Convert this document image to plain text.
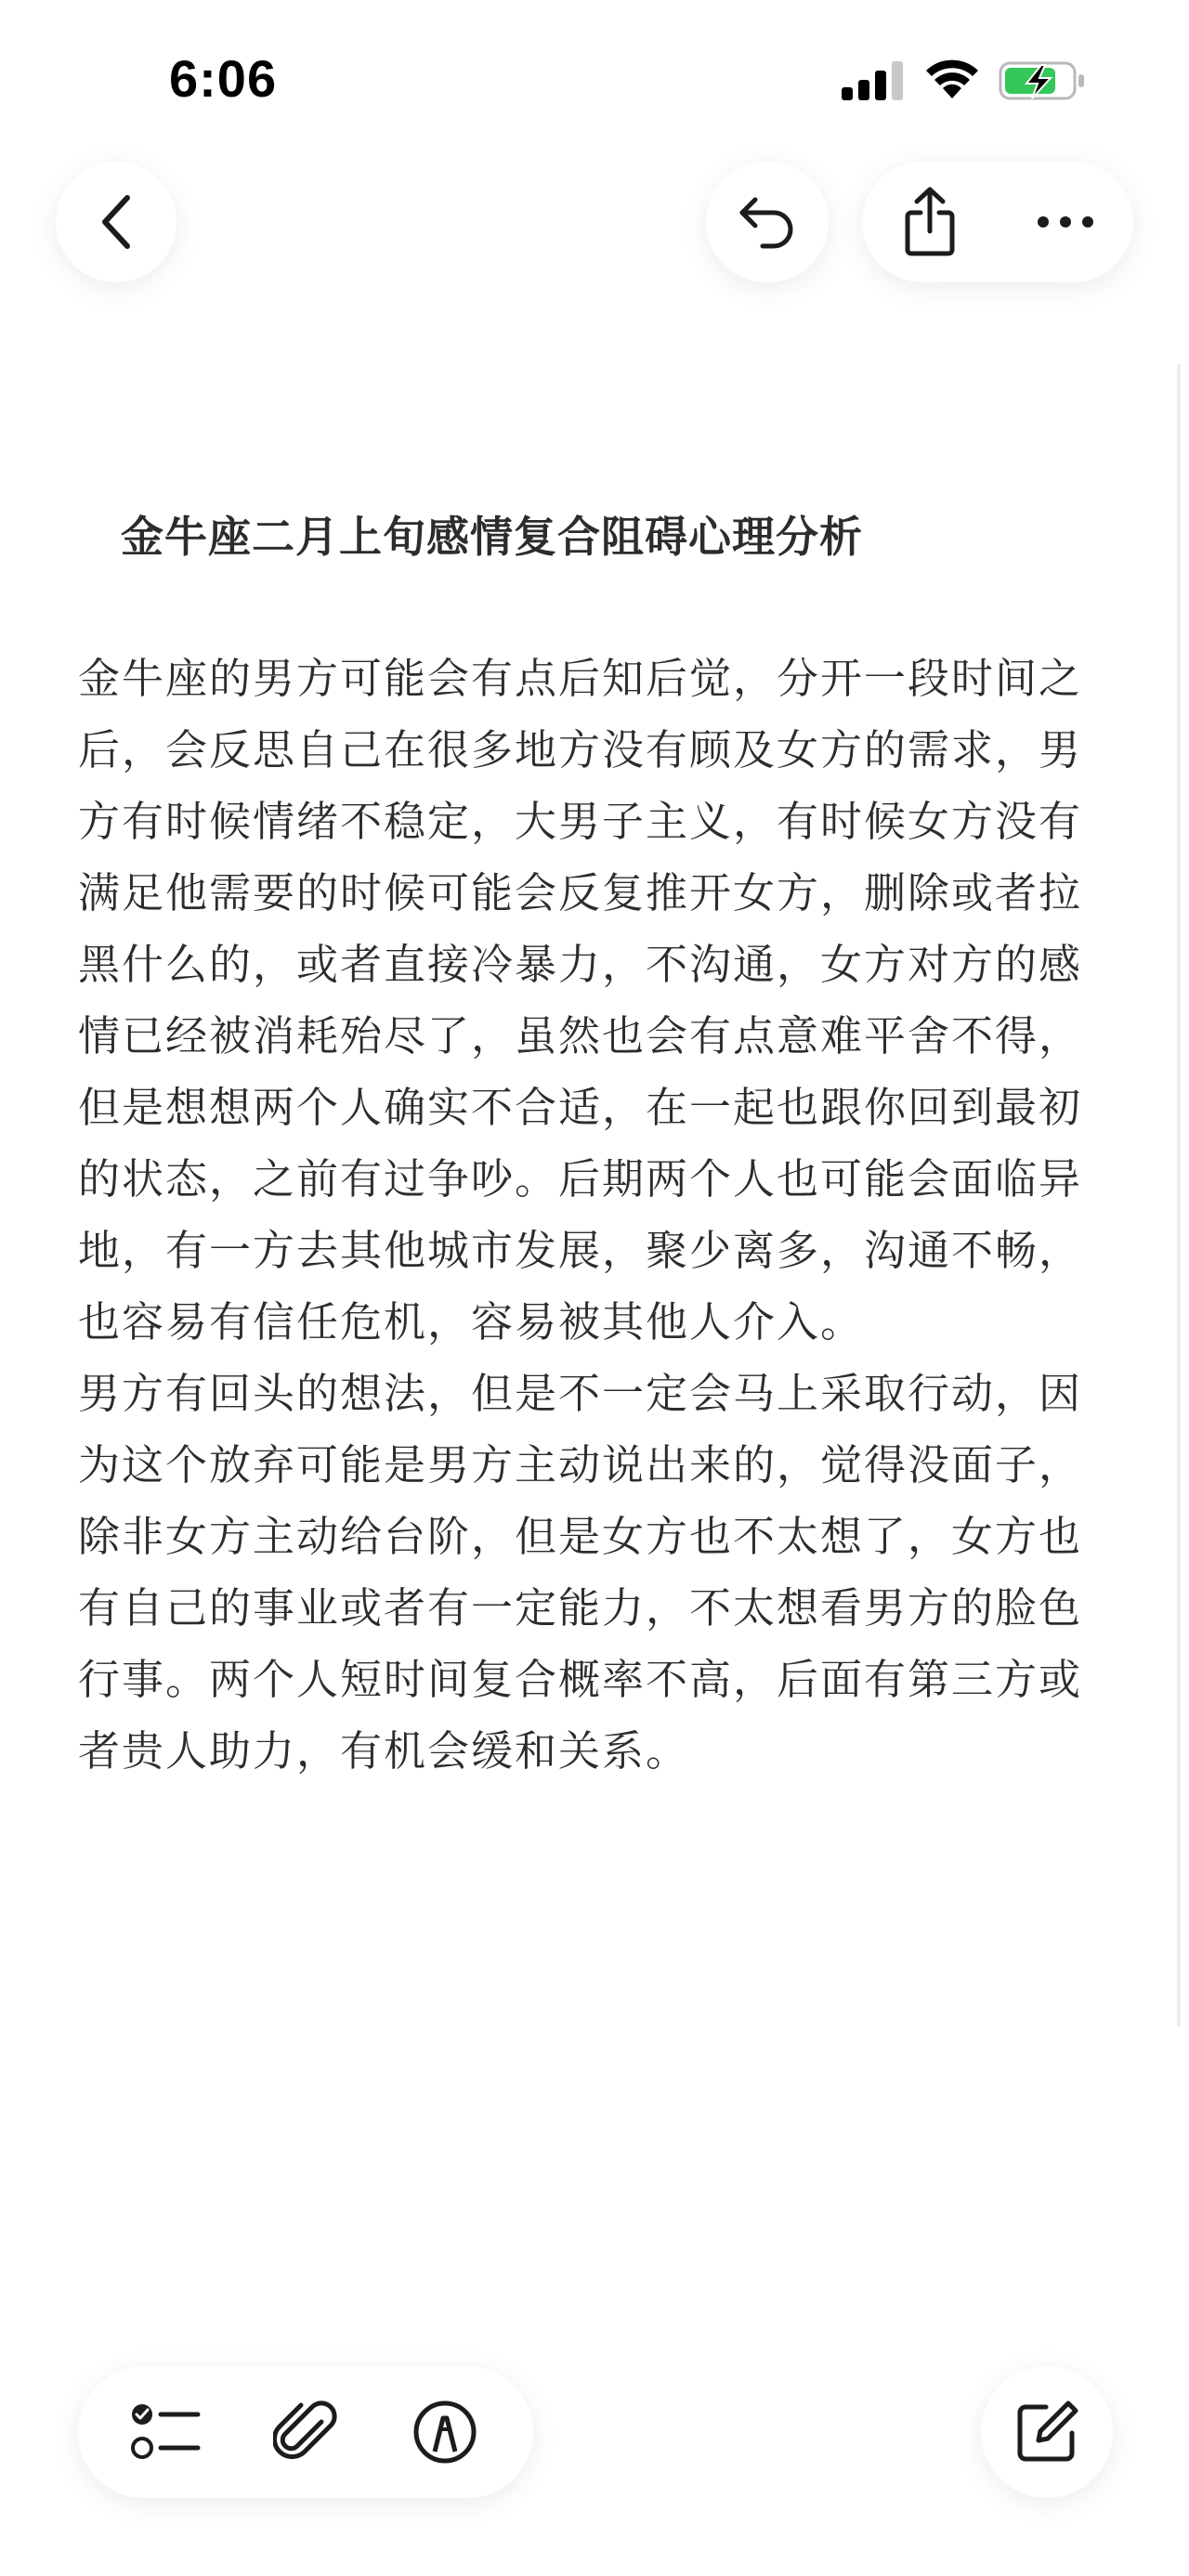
6:06
金牛座二月上旬感情复合阻碍心理分析

金牛座的男方可能会有点后知后觉，分开一段时间之后，会反思自己在很多地方没有顾及女方的需求，男方有时候情绪不稳定，大男子主义，有时候女方没有满足他需要的时候可能会反复推开女方，删除或者拉黑什么的，或者直接冷暴力，不沟通，女方对方的感情已经被消耗殆尽了，虽然也会有点意难平舍不得，但是想想两个人确实不合适，在一起也跟你回到最初的状态，之前有过争吵。后期两个人也可能会面临异地，有一方去其他城市发展，聚少离多，沟通不畅，也容易有信任危机，容易被其他人介入。
男方有回头的想法，但是不一定会马上采取行动，因为这个放弃可能是男方主动说出来的，觉得没面子，除非女方主动给台阶，但是女方也不太想了，女方也有自己的事业或者有一定能力，不太想看男方的脸色行事。两个人短时间复合概率不高，后面有第三方或者贵人助力，有机会缓和关系。
